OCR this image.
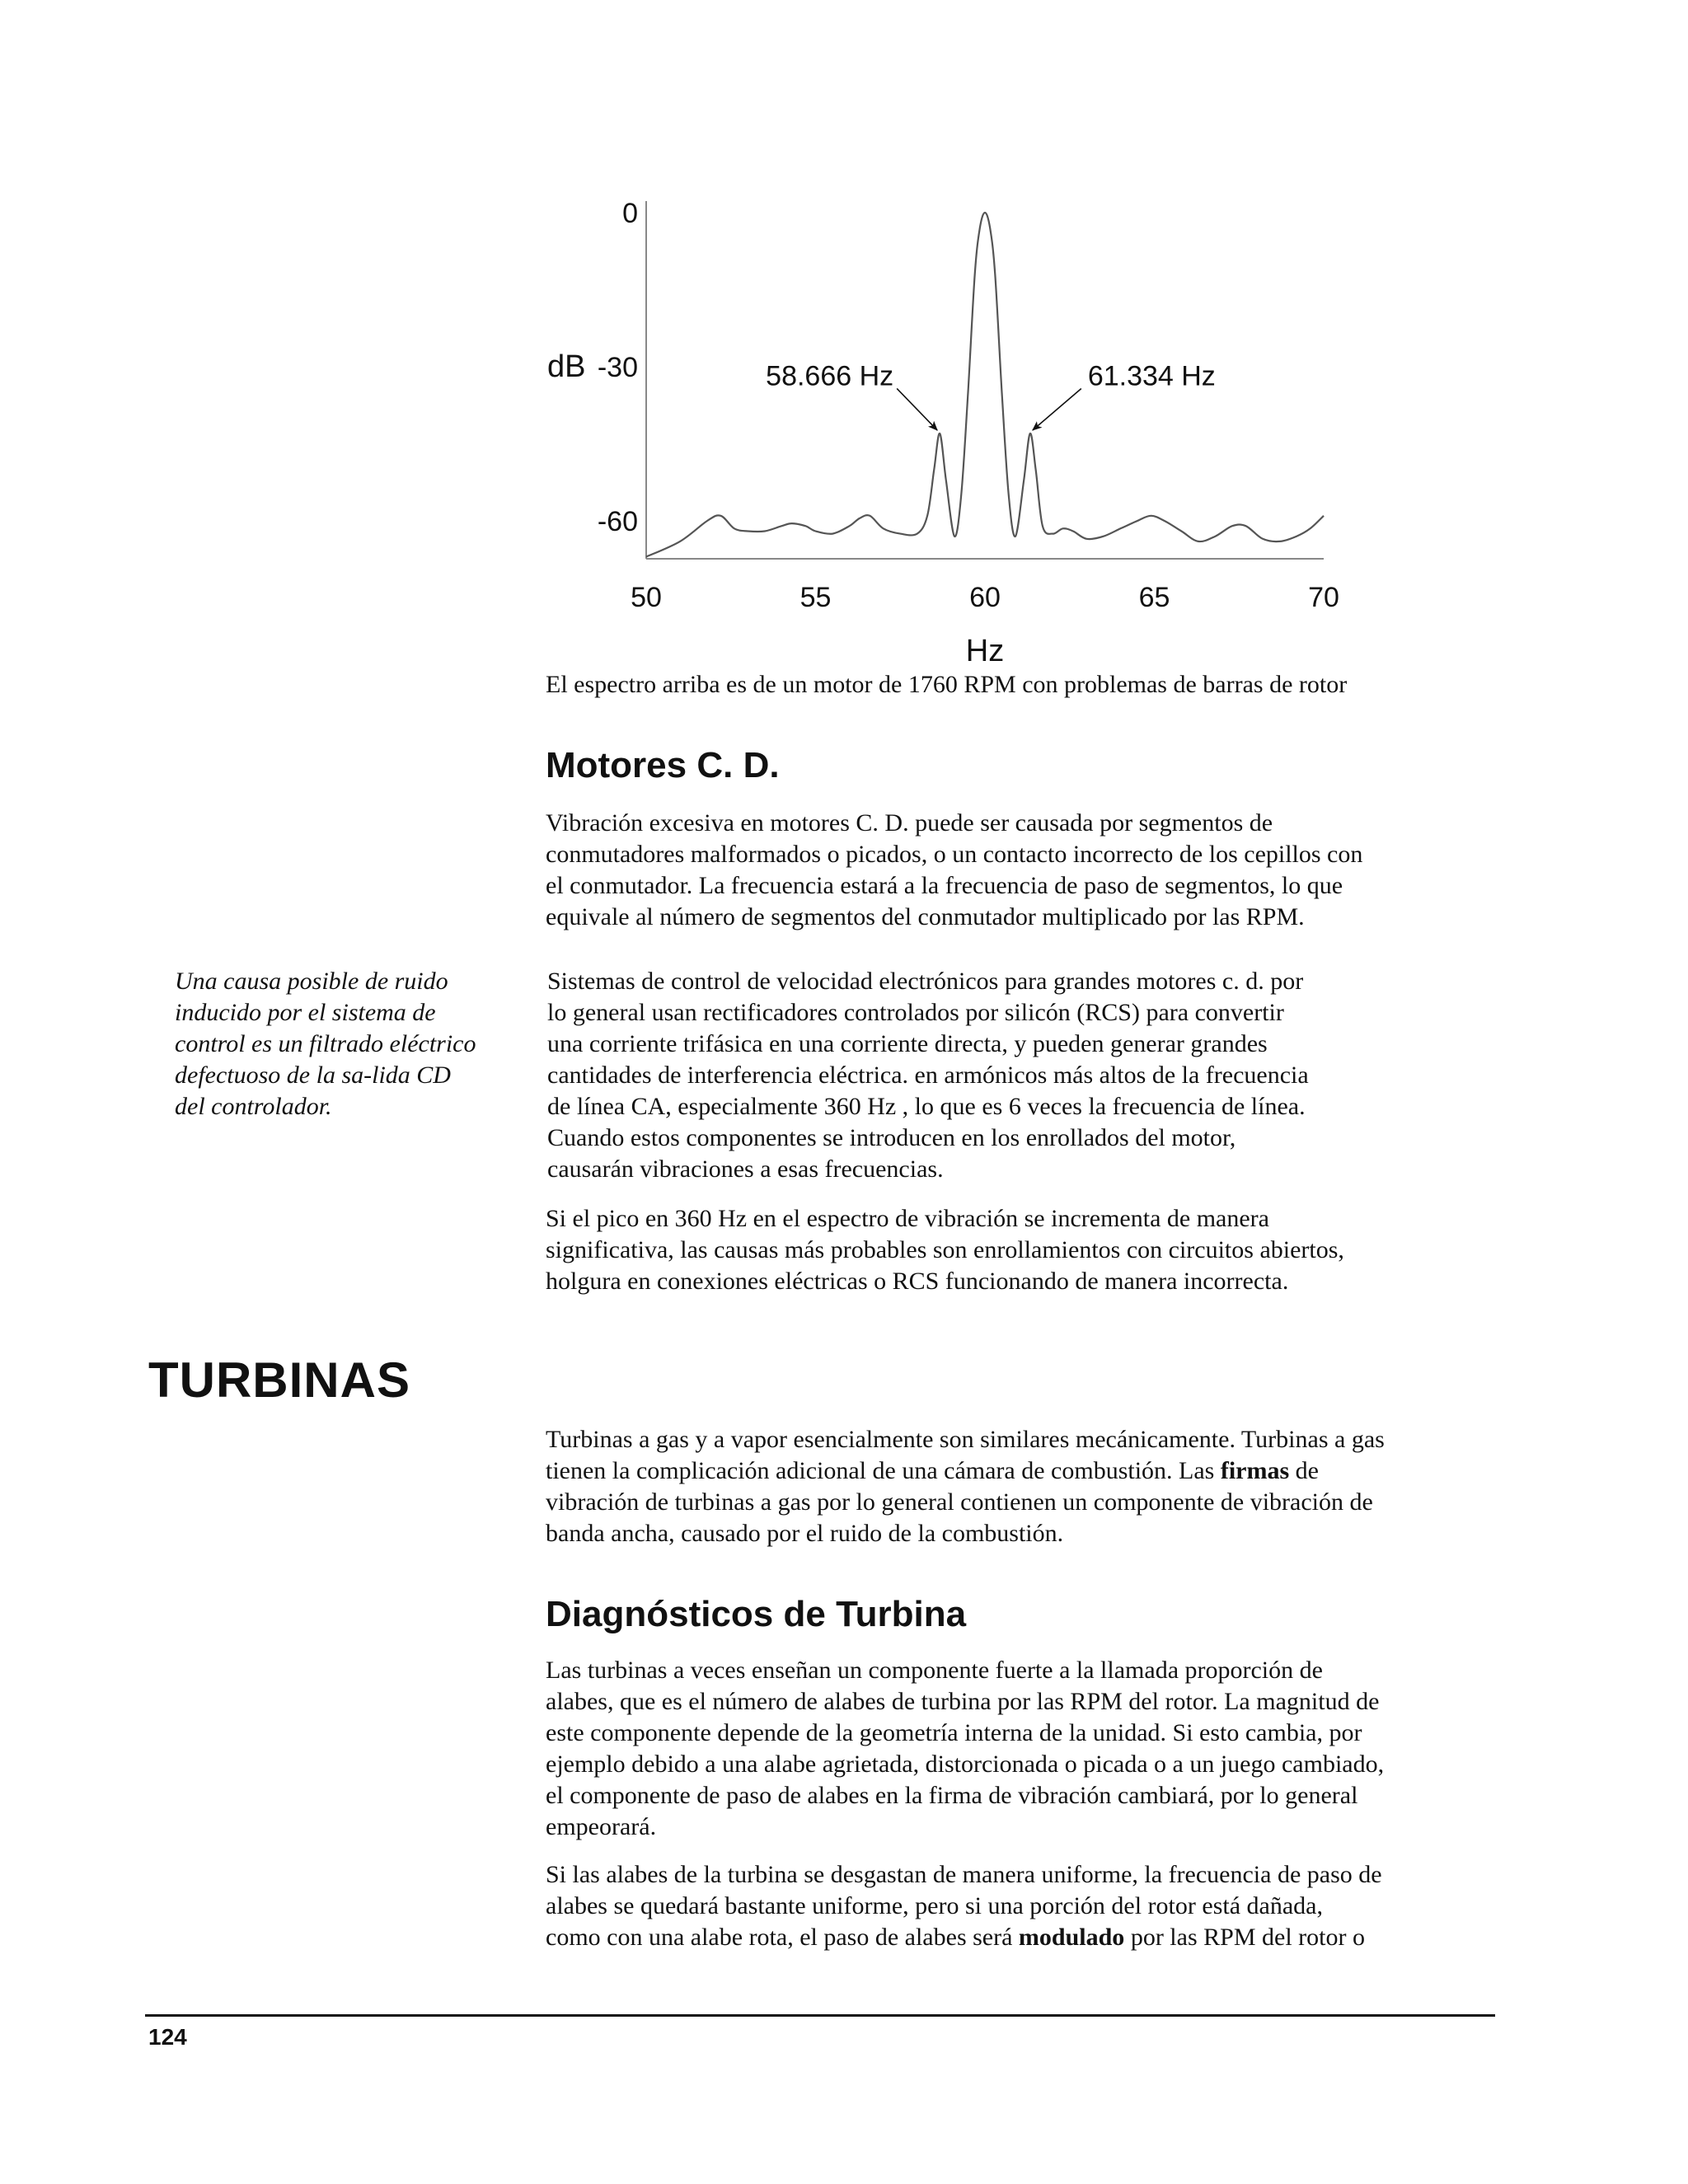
50	55	60	65	70
0
-30
-60
58.666 Hz	61.334 Hz
dB
Hz
El espectro arriba es de un motor de 1760 RPM con problemas de barras de rotor
Motores C. D.

Vibración excesiva en motores C. D. puede ser causada por segmentos de

conmutadores malformados o picados, o un contacto incorrecto de los cepillos con

el conmutador. La frecuencia estará a la frecuencia de paso de segmentos, lo que

equivale al número de segmentos del conmutador multiplicado por las RPM.

Una causa posible de ruido

inducido por el sistema de

control es un filtrado eléctrico

defectuoso de la sa-lida CD

del controlador.

Sistemas de control de velocidad electrónicos para grandes motores c. d. por

lo general usan rectificadores controlados por silicón (RCS) para convertir

una corriente trifásica en una corriente directa, y pueden generar grandes

cantidades de interferencia eléctrica. en armónicos más altos de la frecuencia

de línea CA, especialmente 360 Hz , lo que es 6 veces la frecuencia de línea.

Cuando estos componentes se introducen en los enrollados del motor,

causarán vibraciones a esas frecuencias.

Si el pico en 360 Hz en el espectro de vibración se incrementa de manera

significativa, las causas más probables son enrollamientos con circuitos abiertos,

holgura en conexiones eléctricas o RCS funcionando de manera incorrecta.

TURBINAS

Turbinas a gas y a vapor esencialmente son similares mecánicamente. Turbinas a gas

tienen la complicación adicional de una cámara de combustión. Las firmas de

vibración de turbinas a gas por lo general contienen un componente de vibración de

banda ancha, causado por el ruido de la combustión.

Diagnósticos de Turbina

Las turbinas a veces enseñan un componente fuerte a la llamada proporción de

alabes, que es el número de alabes de turbina por las RPM del rotor. La magnitud de

este componente depende de la geometría interna de la unidad. Si esto cambia, por

ejemplo debido a una alabe agrietada, distorcionada o picada o a un juego cambiado,

el componente de paso de alabes en la firma de vibración cambiará, por lo general

empeorará.

Si las alabes de la turbina se desgastan de manera uniforme, la frecuencia de paso de

alabes se quedará bastante uniforme, pero si una porción del rotor está dañada,

como con una alabe rota, el paso de alabes será modulado por las RPM del rotor o

124
